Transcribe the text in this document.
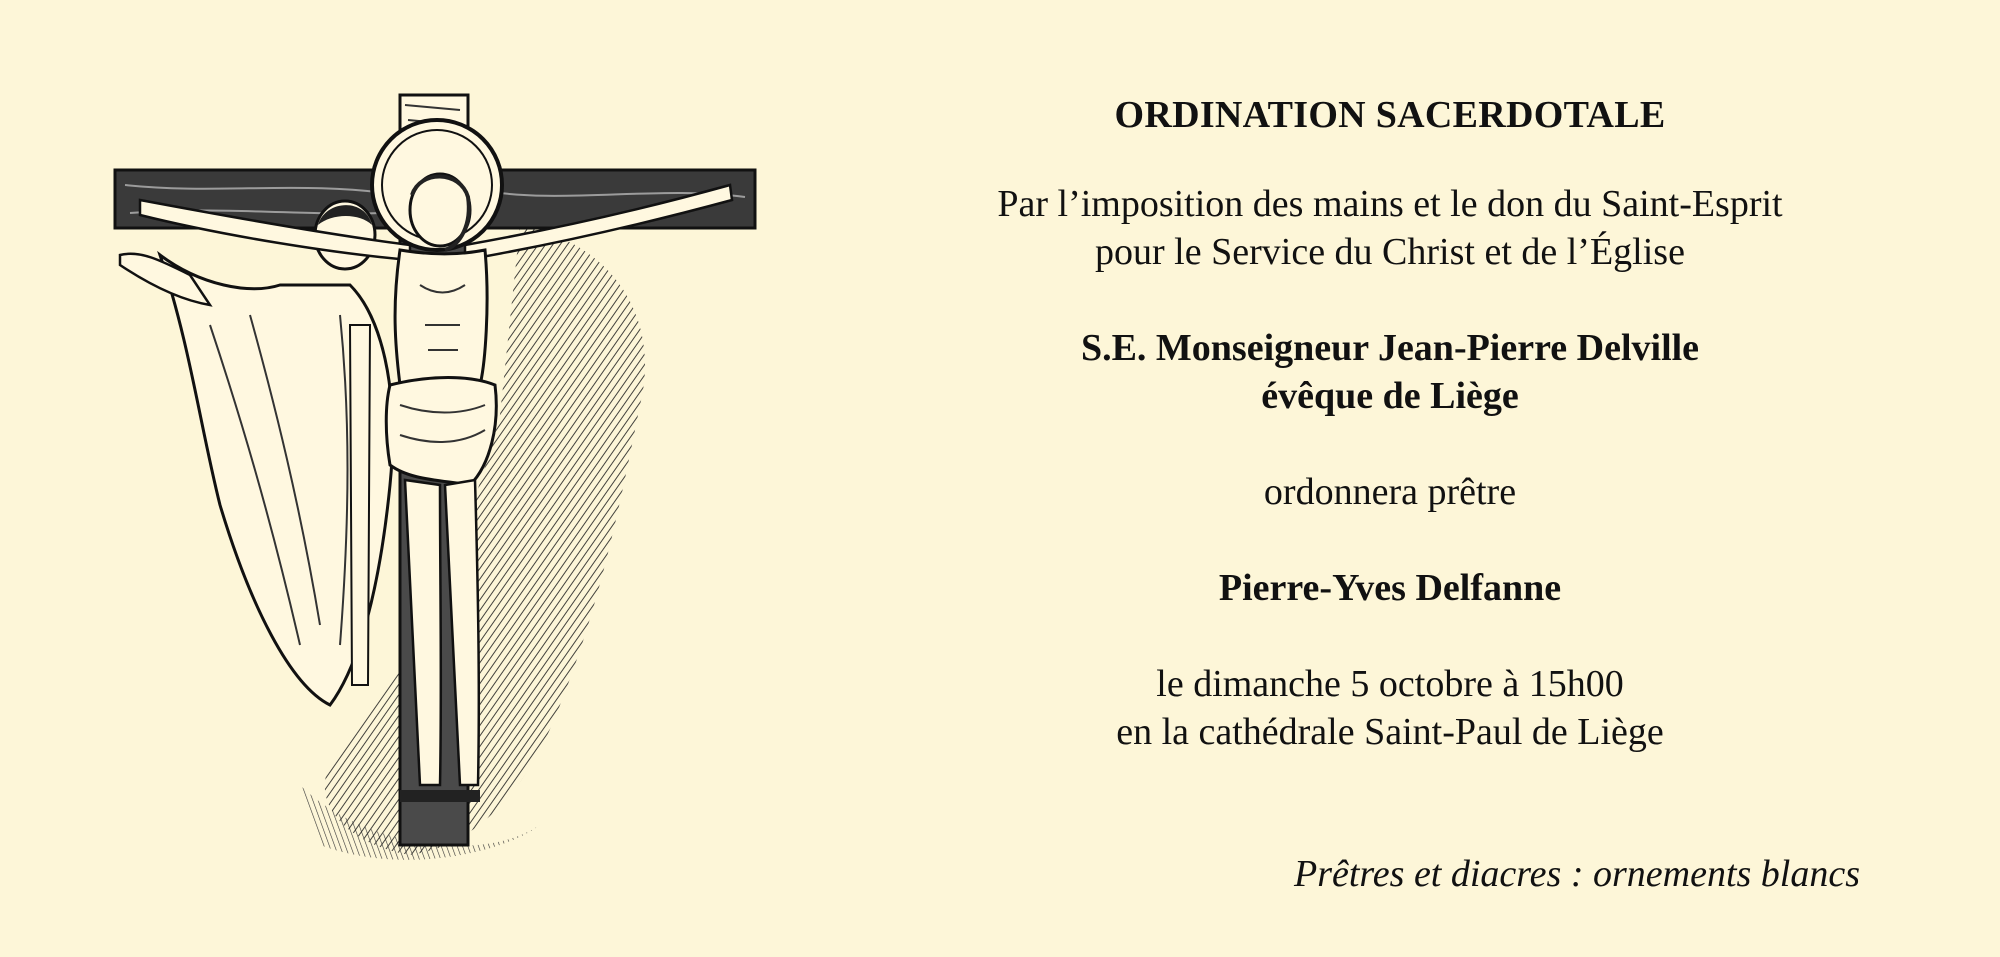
ORDINATION SACERDOTALE

Par l’imposition des mains et le don du Saint-Esprit

pour le Service du Christ et de l’Église

S.E. Monseigneur Jean-Pierre Delville

évêque de Liège

ordonnera prêtre

Pierre-Yves Delfanne

le dimanche 5 octobre à 15h00

en la cathédrale Saint-Paul de Liège

Prêtres et diacres : ornements blancs
